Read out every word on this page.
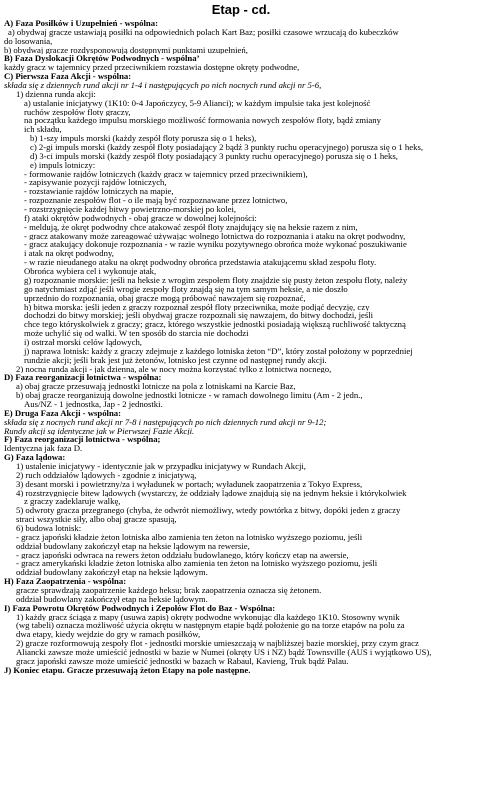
Etap - cd.
A) Faza Posiłków i Uzupełnień - wspólna:
a) obydwaj gracze ustawiają posiłki na odpowiednich polach Kart Baz; posiłki czasowe wrzucają do kubeczków
do losowania,
b) obydwaj gracze rozdysponowują dostępnymi punktami uzupełnień,
B) Faza Dyslokacji Okrętów Podwodnych - wspólna’
każdy gracz w tajemnicy przed przeciwnikiem rozstawia dostępne okręty podwodne,
C) Pierwsza Faza Akcji - wspólna:
składa się z dziennych rund akcji nr 1-4 i następujących po nich nocnych rund akcji nr 5-6,
1) dzienna runda akcji:
a) ustalanie inicjatywy (1K10: 0-4 Japończycy, 5-9 Alianci); w każdym impulsie taka jest kolejność
ruchów zespołów floty graczy,
na początku każdego impulsu morskiego możliwość formowania nowych zespołów floty, bądź zmiany
ich składu,
b) 1-szy impuls morski (każdy zespół floty porusza się o 1 heks),
c) 2-gi impuls morski (każdy zespół floty posiadający 2 bądź 3 punkty ruchu operacyjnego) porusza się o 1 heks,
d) 3-ci impuls morski (każdy zespół floty posiadający 3 punkty ruchu operacyjnego) porusza się o 1 heks,
e) impuls lotniczy:
- formowanie rajdów lotniczych (każdy gracz w tajemnicy przed przeciwnikiem),
- zapisywanie pozycji rajdów lotniczych,
- rozstawianie rajdów lotniczych na mapie,
- rozpoznanie zespołów flot - o ile mają być rozpoznawane przez lotnictwo,
- rozstrzygnięcie każdej bitwy powietrzno-morskiej po kolei,
f) ataki okrętów podwodnych - obaj gracze w dowolnej kolejności:
- meldują, że okręt podwodny chce atakować zespół floty znajdujący się na heksie razem z nim,
- gracz atakowany może zareagować używając wolnego lotnictwa do rozpoznania i ataku na okręt podwodny,
- gracz atakujący dokonuje rozpoznania - w razie wyniku pozytywnego obrońca może wykonać poszukiwanie
i atak na okręt podwodny,
- w razie nieudanego ataku na okręt podwodny obrońca przedstawia atakującemu skład zespołu floty.
Obrońca wybiera cel i wykonuje atak,
g) rozpoznanie morskie: jeśli na heksie z wrogim zespołem floty znajdzie się pusty żeton zespołu floty, należy
go natychmiast zdjąć jeśli wrogie zespoły floty znajdą się na tym samym heksie, a nie doszło
uprzednio do rozpoznania, obaj gracze mogą próbować nawzajem się rozpoznać,
h) bitwa morska: jeśli jeden z graczy rozpoznał zespół floty przeciwnika, może podjąć decyzję, czy
dochodzi do bitwy morskiej; jeśli obydwaj gracze rozpoznali się nawzajem, do bitwy dochodzi, jeśli
chce tego któryskolwiek z graczy; gracz, którego wszystkie jednostki posiadają większą ruchliwość taktyczną
może uchylić się od walki. W ten sposób do starcia nie dochodzi
i) ostrzał morski celów lądowych,
j) naprawa lotnisk: każdy z graczy zdejmuje z każdego lotniska żeton “D”, który został położony w poprzedniej
rundzie akcji; jeśli brak jest już żetonów, lotnisko jest czynne od następnej rundy akcji.
2) nocna runda akcji - jak dzienna, ale w nocy można korzystać tylko z lotnictwa nocnego,
D) Faza reorganizacji lotnictwa - wspólna:
a) obaj gracze przesuwają jednostki lotnicze na pola z lotniskami na Karcie Baz,
b) obaj gracze reorganizują dowolne jednostki lotnicze - w ramach dowolnego limitu (Am - 2 jedn.,
Aus/NZ - 1 jednostka, Jap - 2 jednostki.
E) Druga Faza Akcji - wspólna:
składa się z nocnych rund akcji nr 7-8 i następujących po nich dziennych rund akcji nr 9-12;
Rundy akcji są identyczne jak w Pierwszej Fazie Akcji.
F) Faza reorganizacji lotnictwa - wspólna;
Identyczna jak faza D.
G) Faza lądowa:
1) ustalenie inicjatywy - identycznie jak w przypadku inicjatywy w Rundach Akcji,
2) ruch oddziałów lądowych - zgodnie z inicjatywą,
3) desant morski i powietrzny/za i wyładunek w portach; wyładunek zaopatrzenia z Tokyo Express,
4) rozstrzygnięcie bitew lądowych (wystarczy, że oddziały lądowe znajdują się na jednym heksie i którykolwiek
z graczy zadeklaruje walkę,
5) odwroty gracza przegranego (chyba, że odwrót niemożliwy, wtedy powtórka z bitwy, dopóki jeden z graczy
straci wszystkie siły, albo obaj gracze spasują,
6) budowa lotnisk:
- gracz japoński kładzie żeton lotniska albo zamienia ten żeton na lotnisko wyższego poziomu, jeśli
oddział budowlany zakończył etap na heksie lądowym na rewersie,
- gracz japoński odwraca na rewers żeton oddziału budowlanego, który kończy etap na awersie,
- gracz amerykański kładzie żeton lotniska albo zamienia ten żeton na lotnisko wyższego poziomu, jeśli
oddział budowlany zakończył etap na heksie lądowym.
H) Faza Zaopatrzenia - wspólna:
gracze sprawdzają zaopatrzenie każdego heksu; brak zaopatrzenia oznacza się żetonem.
oddział budowlany zakończył etap na heksie lądowym.
I) Faza Powrotu Okrętów Podwodnych i Zepołów Flot do Baz - Wspólna:
1) każdy gracz ściąga z mapy (usuwa zapis) okręty podwodne wykonując dla każdego 1K10. Stosowny wynik
(wg tabeli) oznacza możliwość użycia okrętu w następnym etapie bądź położenie go na torze etapów na polu za
dwa etapy, kiedy wejdzie do gry w ramach posiłków,
2) gracze rozformowują zespoły flot - jednostki morskie umieszczają w najbliższej bazie morskiej, przy czym gracz
Aliancki zawsze może umieścić jednostki w bazie w Numei (okręty US i NZ) bądź Townsville (AUS i wyjątkowo US),
gracz japoński zawsze może umieścić jednostki w bazach w Rabaul, Kavieng, Truk bądź Palau.
J) Koniec etapu. Gracze przesuwają żeton Etapy na pole następne.
